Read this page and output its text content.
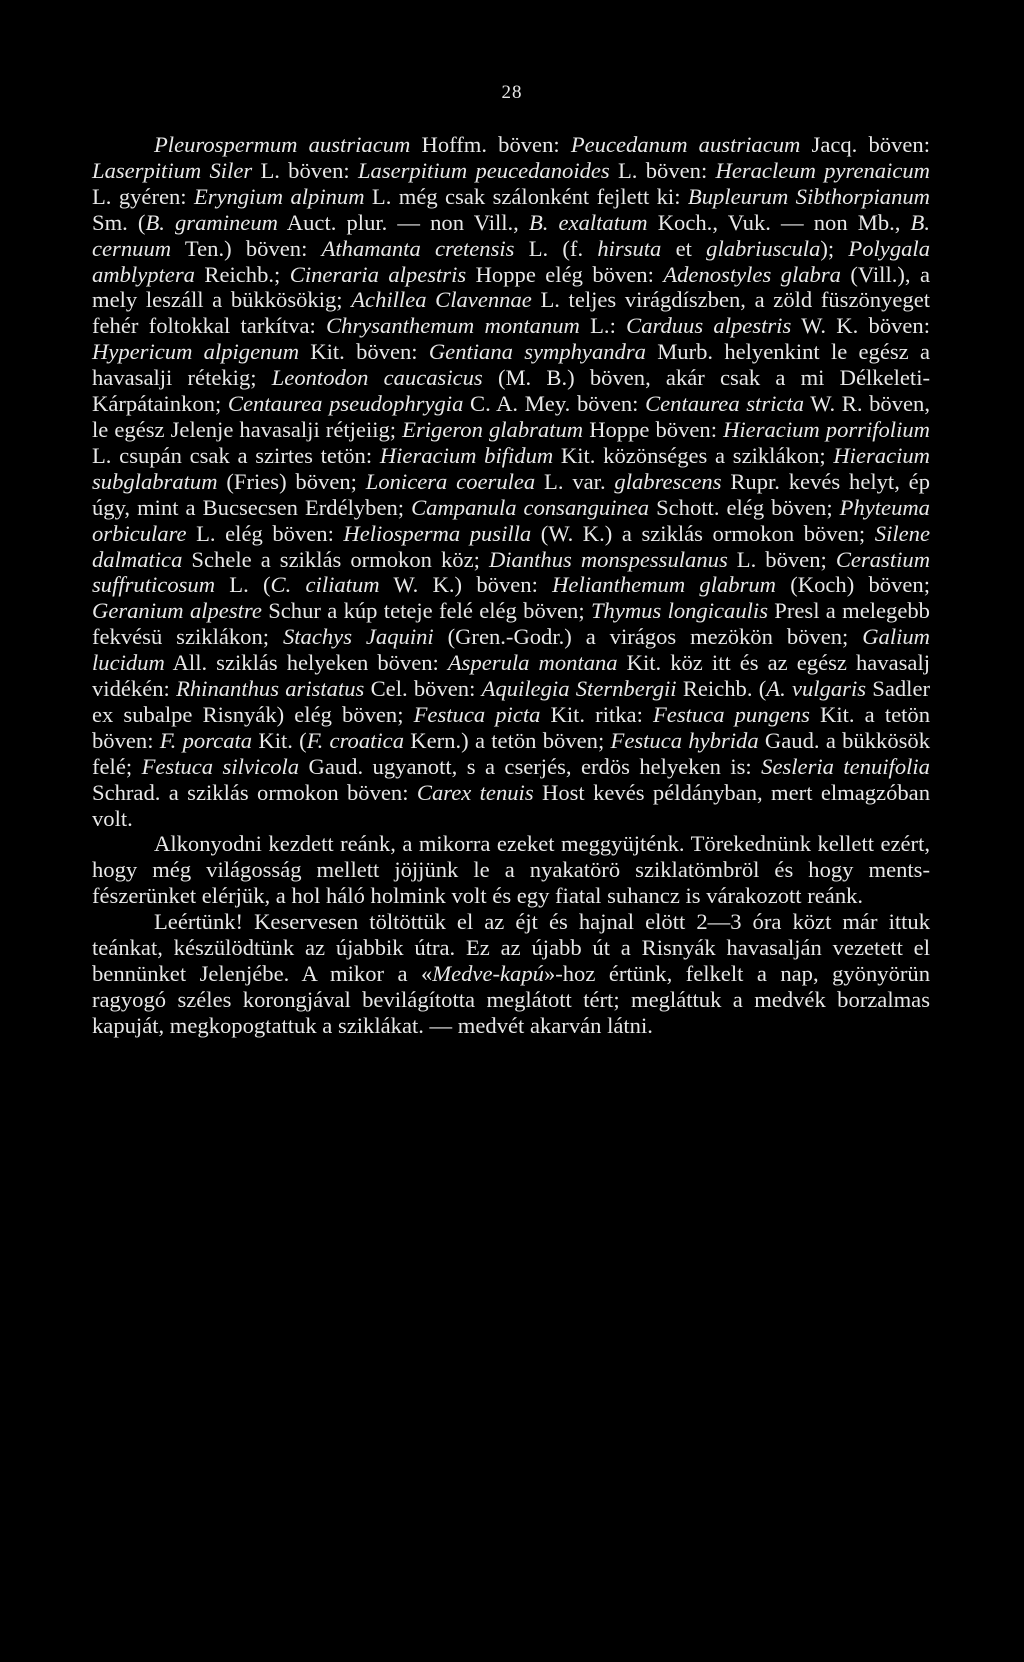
28

Pleurospermum austriacum Hoffm. böven: Peucedanum austriacum Jacq. böven: Laserpitium Siler L. böven: Laserpitium peucedanoides L. böven: Heracleum pyrenaicum L. gyéren: Eryngium alpinum L. még csak szálonként fejlett ki: Bupleurum Sibthorpianum Sm. (B. gramineum Auct. plur. — non Vill., B. exaltatum Koch., Vuk. — non Mb., B. cernuum Ten.) böven: Athamanta cretensis L. (f. hirsuta et glabriuscula); Polygala amblyptera Reichb.; Cineraria alpestris Hoppe elég böven: Adenostyles glabra (Vill.), a mely leszáll a bükkösökig; Achillea Clavennae L. teljes virágdíszben, a zöld füszönyeget fehér foltokkal tarkítva: Chrysanthemum montanum L.: Carduus alpestris W. K. böven: Hypericum alpigenum Kit. böven: Gentiana symphyandra Murb. helyenkint le egész a havasalji rétekig; Leontodon caucasicus (M. B.) böven, akár csak a mi Délkeleti-Kárpátainkon; Centaurea pseudophrygia C. A. Mey. böven: Centaurea stricta W. R. böven, le egész Jelenje havasalji rétjeiig; Erigeron glabratum Hoppe böven: Hieracium porrifolium L. csupán csak a szirtes tetön: Hieracium bifidum Kit. közönséges a sziklákon; Hieracium subglabratum (Fries) böven; Lonicera coerulea L. var. glabrescens Rupr. kevés helyt, ép úgy, mint a Bucsecsen Erdélyben; Campanula consanguinea Schott. elég böven; Phyteuma orbiculare L. elég böven: Heliosperma pusilla (W. K.) a sziklás ormokon böven; Silene dalmatica Schele a sziklás ormokon köz; Dianthus monspessulanus L. böven; Cerastium suffruticosum L. (C. ciliatum W. K.) böven: Helianthemum glabrum (Koch) böven; Geranium alpestre Schur a kúp teteje felé elég böven; Thymus longicaulis Presl a melegebb fekvésü sziklákon; Stachys Jaquini (Gren.-Godr.) a virágos mezökön böven; Galium lucidum All. sziklás helyeken böven: Asperula montana Kit. köz itt és az egész havasalj vidékén: Rhinanthus aristatus Cel. böven: Aquilegia Sternbergii Reichb. (A. vulgaris Sadler ex subalpe Risnyák) elég böven; Festuca picta Kit. ritka: Festuca pungens Kit. a tetön böven: F. porcata Kit. (F. croatica Kern.) a tetön böven; Festuca hybrida Gaud. a bükkösök felé; Festuca silvicola Gaud. ugyanott, s a cserjés, erdös helyeken is: Sesleria tenuifolia Schrad. a sziklás ormokon böven: Carex tenuis Host kevés példányban, mert elmagzóban volt.

Alkonyodni kezdett reánk, a mikorra ezeket meggyüjténk. Törekednünk kellett ezért, hogy még világosság mellett jöjjünk le a nyakatörö sziklatömbröl és hogy ments-fészerünket elérjük, a hol háló holmink volt és egy fiatal suhancz is várakozott reánk.

Leértünk! Keservesen töltöttük el az éjt és hajnal elött 2—3 óra közt már ittuk teánkat, készülödtünk az újabbik útra. Ez az újabb út a Risnyák havasalján vezetett el bennünket Jelenjébe. A mikor a «Medve-kapú»-hoz értünk, felkelt a nap, gyönyörün ragyogó széles korongjával bevilágította meglátott tért; megláttuk a medvék borzalmas kapuját, megkopogtattuk a sziklákat. — medvét akarván látni.
